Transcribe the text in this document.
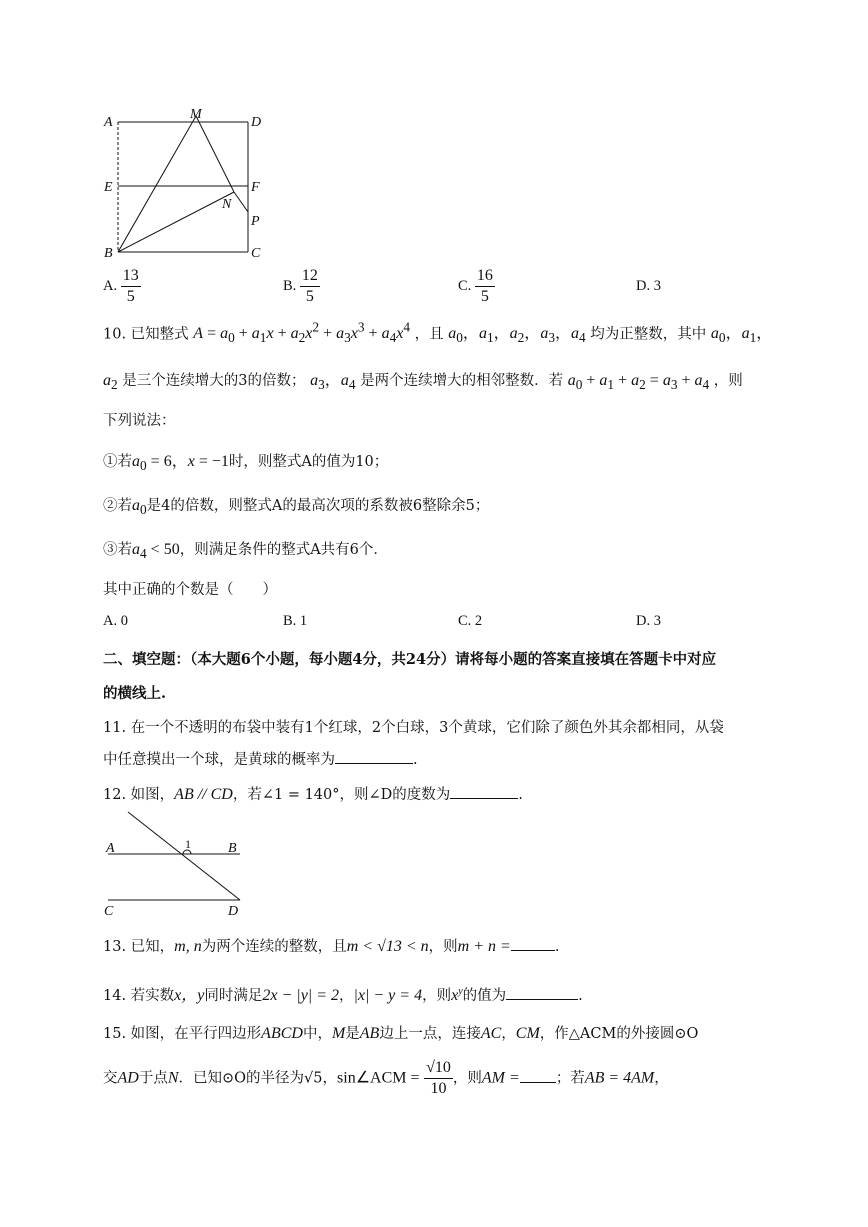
A
M
D
E	F
N
P
B	C
A. $\frac{13}{5}$	B. $\frac{12}{5}$	C. $\frac{16}{5}$	D. 3
10. 已知整式 $A = a_0 + a_1x + a_2x^2 + a_3x^3 + a_4x^4$ ，且 $a_0$，$a_1$，$a_2$，$a_3$，$a_4$ 均为正整数，其中 $a_0$，$a_1$，
$a_2$ 是三个连续增大的3的倍数； $a_3$，$a_4$ 是两个连续增大的相邻整数．若 $a_0 + a_1 + a_2 = a_3 + a_4$ ，则
下列说法：
①若$a_0 = 6$，x = −1时，则整式A的值为10；
②若$a_0$是4的倍数，则整式A的最高次项的系数被6整除余5；
③若$a_4 < 50$，则满足条件的整式A共有6个．
其中正确的个数是（　　）
A. 0	B. 1	C. 2	D. 3
二、填空题：（本大题6个小题，每小题4分，共24分）请将每小题的答案直接填在答题卡中对应
的横线上.
11. 在一个不透明的布袋中装有1个红球，2个白球，3个黄球，它们除了颜色外其余都相同，从袋
中任意摸出一个球，是黄球的概率为	.
12. 如图，AB // CD，若∠1 = 140°，则∠D的度数为	.
A	1	B
C	D
13. 已知，m, n为两个连续的整数，且m < √13 < n，则m + n =	.
14. 若实数x，y同时满足2x − |y| = 2，|x| − y = 4，则$x^y$的值为	.
15. 如图，在平行四边形ABCD中，M是AB边上一点，连接AC，CM，作△ACM的外接圆⊙O
交AD于点N．已知⊙O的半径为√5，sin∠ACM = $\frac{√10}{10}$ ，则AM = ；若AB = 4AM，
